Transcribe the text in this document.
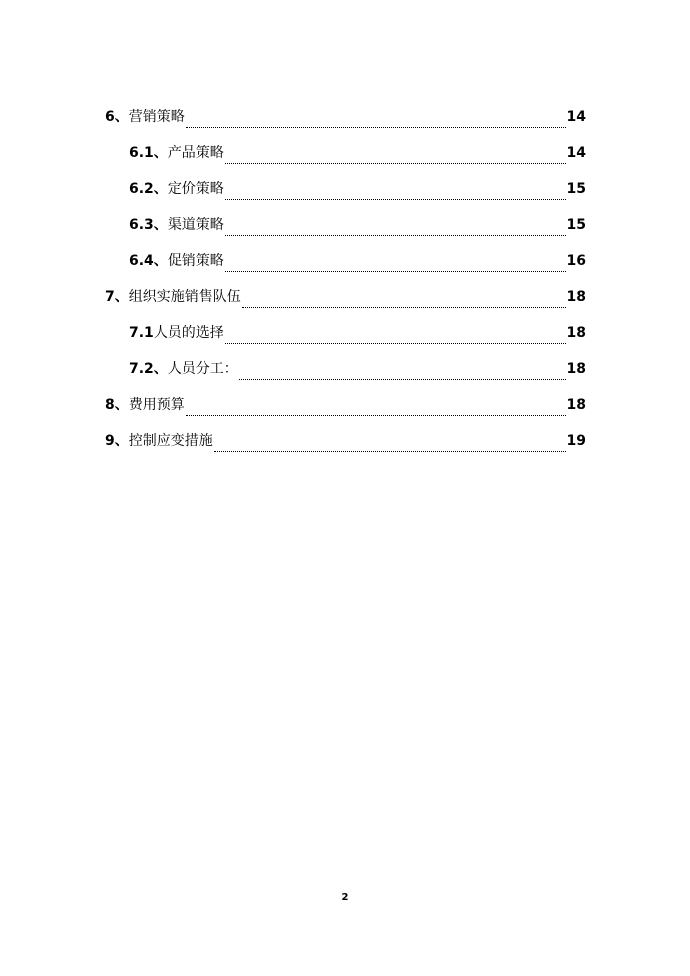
6、 营销策略	14
6.1、 产品策略	14
6.2、 定价策略	15
6.3、 渠道策略	15
6.4、 促销策略	16
7、 组织实施销售队伍	18
7.1 人员的选择	18
7.2、 人员分工：	18
8、 费用预算	18
9、 控制应变措施	19
2
